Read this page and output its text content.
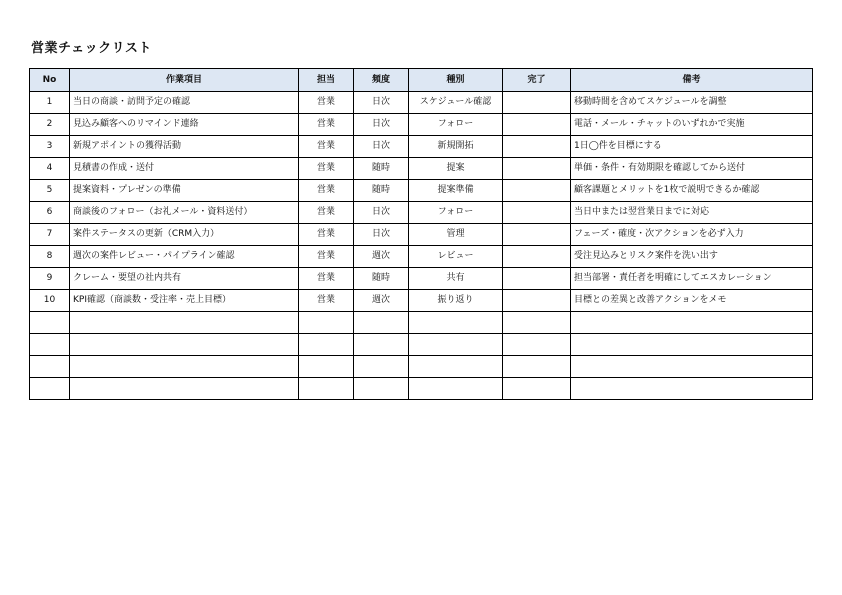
営業チェックリスト
No	作業項目	担当	頻度	種別	完了	備考
1	当日の商談・訪問予定の確認	営業	日次	スケジュール確認		移動時間を含めてスケジュールを調整
2	見込み顧客へのリマインド連絡	営業	日次	フォロー		電話・メール・チャットのいずれかで実施
3	新規アポイントの獲得活動	営業	日次	新規開拓		1日◯件を目標にする
4	見積書の作成・送付	営業	随時	提案		単価・条件・有効期限を確認してから送付
5	提案資料・プレゼンの準備	営業	随時	提案準備		顧客課題とメリットを1枚で説明できるか確認
6	商談後のフォロー（お礼メール・資料送付）	営業	日次	フォロー		当日中または翌営業日までに対応
7	案件ステータスの更新（CRM入力）	営業	日次	管理		フェーズ・確度・次アクションを必ず入力
8	週次の案件レビュー・パイプライン確認	営業	週次	レビュー		受注見込みとリスク案件を洗い出す
9	クレーム・要望の社内共有	営業	随時	共有		担当部署・責任者を明確にしてエスカレーション
10	KPI確認（商談数・受注率・売上目標）	営業	週次	振り返り		目標との差異と改善アクションをメモ
